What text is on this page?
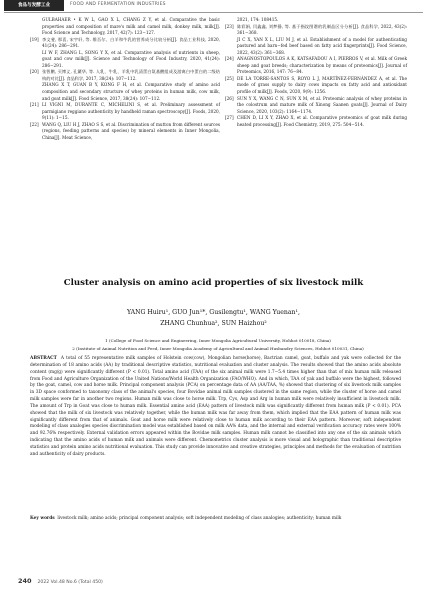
食品与发酵工业	FOOD AND FERMENTATION INDUSTRIES
GULBAHAER • K W L, GAO X L, CHANG Z Y, et al. Comparative the basic properties and composition of mare's milk and camel milk, donkey milk, milk[J]. Food Science and Technology, 2017, 42(7): 123−127.
[19] 李文斐, 那喜, 宋宇轩, 等. 维吾尔、白羊和牛乳的营养成分比较分析[J]. 食品工业科技, 2020, 41(24): 286−291.
LI W F, ZHANG L, SONG Y X, et al. Comparative analysis of nutrients in sheep, goat and cow milk[J]. Science and Technology of Food Industry, 2020, 41(24): 286−291.
[20] 张智鹏, 买博义, 孔繁华, 等. 人乳、牛乳、羊乳中乳清蛋白氨基酸组成及游离白中蛋白的二级结构的对比[J]. 食品科学, 2017, 38(24): 107−112.
ZHANG X T, GUAN B Y, KONG F H, et al. Comparative study of amino acid composition and secondary structure of whey proteins in human milk, cow milk, and goat milk[J]. Food Science, 2017, 38(24): 107−112.
[21] LI VIGNI M, DURANTE C, MICHELINI S, et al. Preliminary assessment of parmigiano reggiano authenticity by handheld raman spectroscopy[J]. Foods, 2020, 9(11): 1−15.
[22] WANG Q, LIU H J, ZHAO S S, et al. Discrimination of mutton from different sources (regions, feeding patterns and species) by mineral elements in Inner Mongolia, China[J]. Meat Science,
2021, 174: 108415.
[23] 陈彩娟, 闫鑫鑫, 刘梦静, 等. 基于指纹图谱的乳制品区分分析[J]. 食品科学, 2022, 43(2): 361−368.
JI C X, YAN X L, LIU M J, et al. Establishment of a model for authenticating pastured and barn−fed beef based on fatty acid fingerprints[J]. Food Science, 2022, 43(2): 361−368.
[24] ANAGNOSTOPOULOS A K, KATSAFADOU A I, PIERROS V, et al. Milk of Greek sheep and goat breeds; characterization by means of proteomics[J]. Journal of Proteomics, 2016, 147: 76−84.
[25] DE LA TORRE-SANTOS S, ROYO L J, MARTÍNEZ-FERNÁNDEZ A, et al. The mode of grass supply to dairy cows impacts on fatty acid and antioxidant profile of milk[J]. Foods, 2020, 9(9): 1256.
[26] SUN Y X, WANG C N, SUN X M, et al. Proteomic analysis of whey proteins in the colostrum and mature milk of Xinong Saanen goats[J]. Journal of Dairy Science, 2020, 103(2): 1164−1174.
[27] CHEN D, LI X Y, ZHAO X, et al. Comparative proteomics of goat milk during heated processing[J]. Food Chemistry, 2019, 275: 504−514.
Cluster analysis on amino acid properties of six livestock milk
YANG Huiru¹, GUO Jun¹*, Gusilengtu¹, WANG Yuenan¹,
ZHANG Chunhua², SUN Haizhou²
1 (College of Food Science and Engineering, Inner Mongolia Agricultural University, Hohhot 010018, China)
2 (Institute of Animal Nutrition and Feed, Inner Mongolia Academy of Agricultural and Animal Husbandry Sciences, Hohhot 010031, China)
ABSTRACT A total of 55 representative milk samples of Holstein cow(cow), Mongolian horse(horse), Bactrian camel, goat, buffalo and yak were collected for the determination of 18 amino acids (AA) by traditional descriptive statistics, nutritional evaluation and cluster analysis. The results showed that the amino acids absolute content (mg/g) were significantly different (P < 0.01). Total amino acid (TAA) of the six animal milk were 1.7−5.4 times higher than that of mix human milk released from Food and Agriculture Organization of the United Nations/World Health Organization (FAO/WHO). And in which, TAA of yak and buffalo were the highest, followed by the goat, camel, cow and horse milk. Principal component analysis (PCA) on percentage data of AA (AA/TAA, %) showed that clustering of six livestock milk samples in 3D space conformed to taxonomy class of the animal's species, four Bovidae animal milk samples clustered in the same region, while the cluster of horse and camel milk samples were far in another two regions. Human milk was close to horse milk. Trp, Cys, Asp and Arg in human milk were relatively insufficient in livestock milk. The amount of Trp in Goat was close to human milk. Essential amino acid (EAA) pattern of livestock milk was significantly different from human milk (P < 0.01). PCA showed that the milk of six livestock was relatively together, while the human milk was far away from them, which implied that the EAA pattern of human milk was significantly different from that of animals. Goat and horse milk were relatively close to human milk according to their EAA pattern. Moreover, soft independent modeling of class analogies species discrimination model was established based on milk AA% data, and the internal and external verification accuracy rates were 100% and 92.76% respectively. External validation errors appeared within the Bovidae milk samples. Human milk cannot be classified into any one of the six animals which indicating that the amino acids of human milk and animals were different. Chemometrics cluster analysis is more visual and holographic than traditional descriptive statistics and protein amino acids nutritional evaluation. This study can provide innovative and creative strategies, principles and methods for the evaluation of nutrition and authenticity of dairy products.
Key words livestock milk; amino acids; principal component analysis; soft independent modeling of class analogies; authenticity; human milk
240 2022 Vol.48 No.6 (Total 450)
